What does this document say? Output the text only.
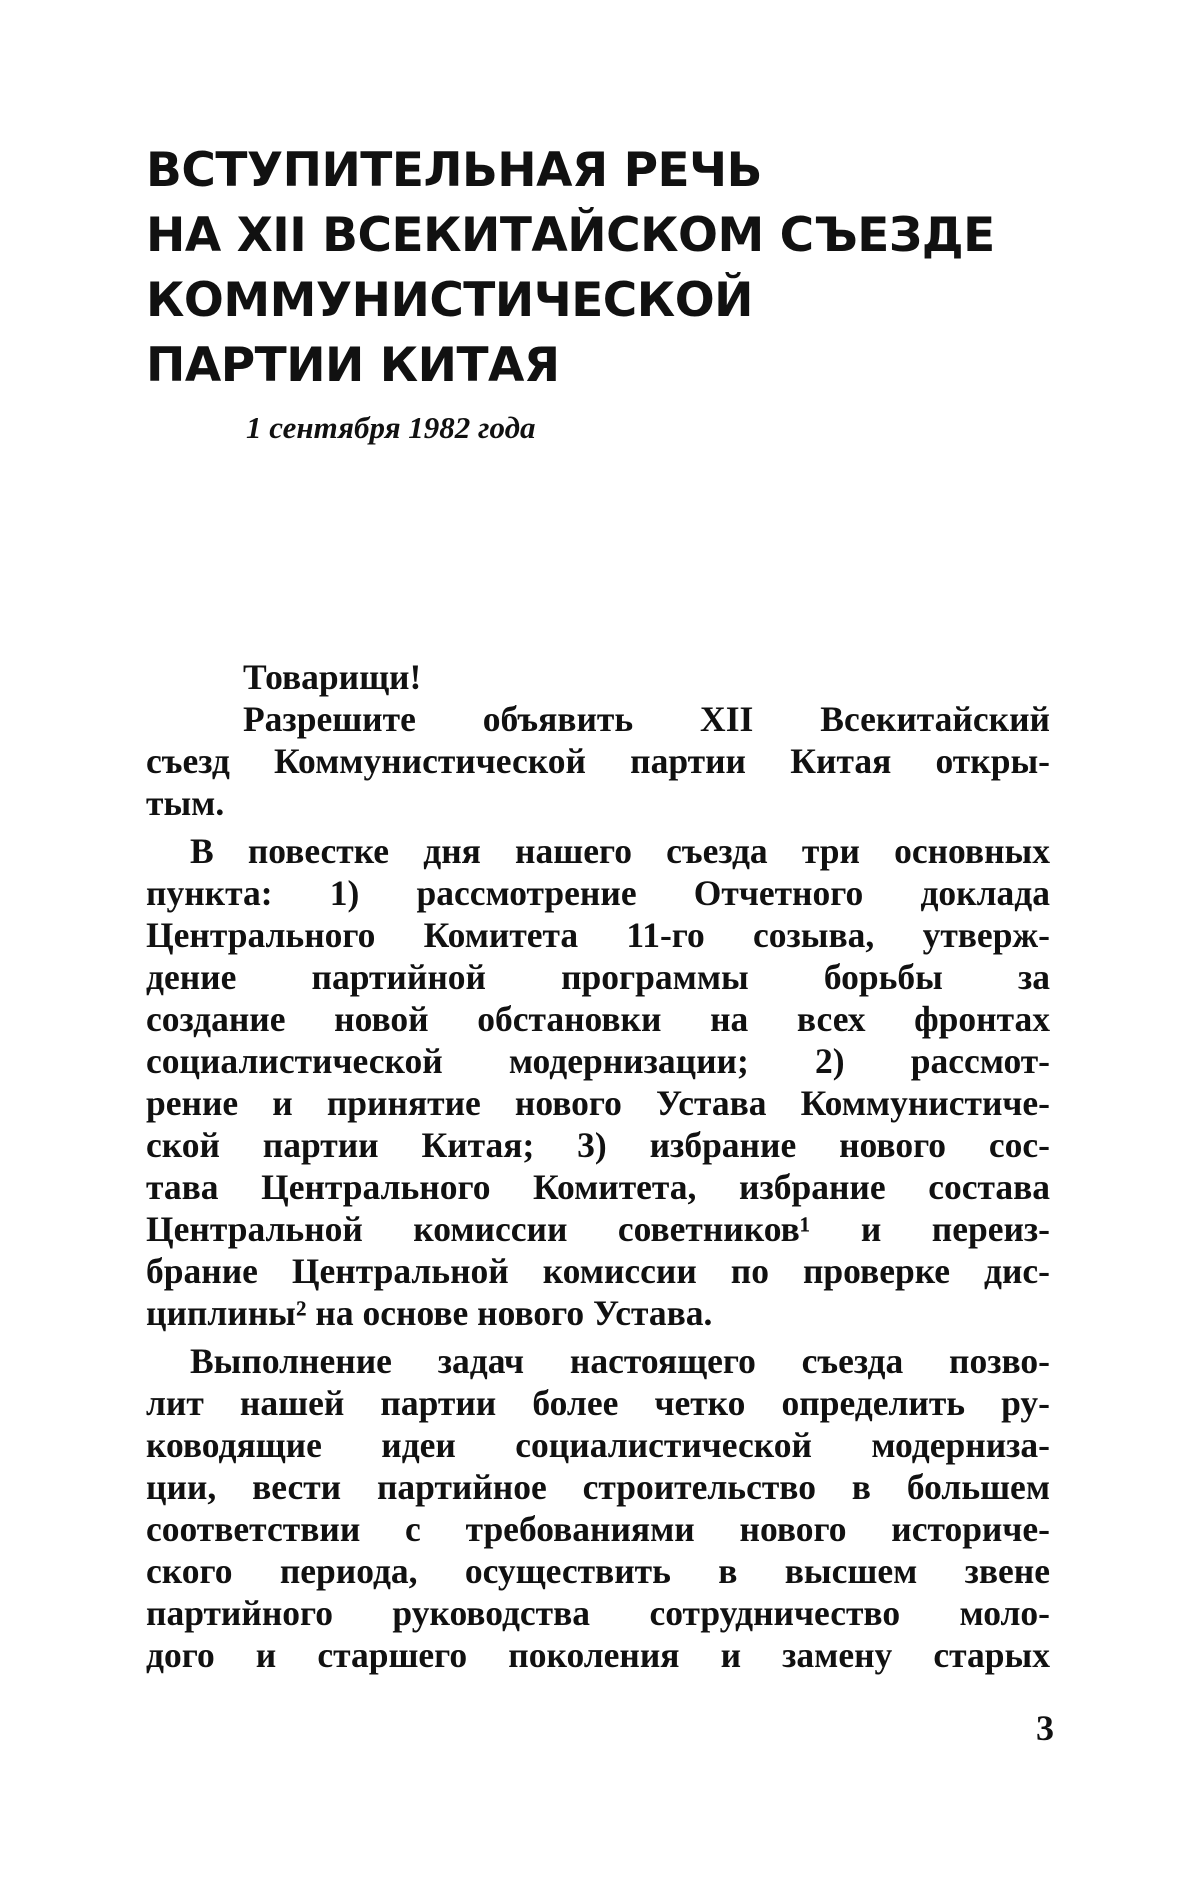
ВСТУПИТЕЛЬНАЯ РЕЧЬ
НА XII ВСЕКИТАЙСКОМ СЪЕЗДЕ
КОММУНИСТИЧЕСКОЙ
ПАРТИИ КИТАЯ
1 сентября 1982 года
Товарищи!
Разрешите объявить XII Всекитайский
съезд Коммунистической партии Китая откры-
тым.
В повестке дня нашего съезда три основных
пункта: 1) рассмотрение Отчетного доклада
Центрального Комитета 11-го созыва, утверж-
дение партийной программы борьбы за
создание новой обстановки на всех фронтах
социалистической модернизации; 2) рассмот-
рение и принятие нового Устава Коммунистиче-
ской партии Китая; 3) избрание нового сос-
тава Центрального Комитета, избрание состава
Центральной комиссии советников¹ и переиз-
брание Центральной комиссии по проверке дис-
циплины² на основе нового Устава.
Выполнение задач настоящего съезда позво-
лит нашей партии более четко определить ру-
ководящие идеи социалистической модерниза-
ции, вести партийное строительство в большем
соответствии с требованиями нового историче-
ского периода, осуществить в высшем звене
партийного руководства сотрудничество моло-
дого и старшего поколения и замену старых
3
